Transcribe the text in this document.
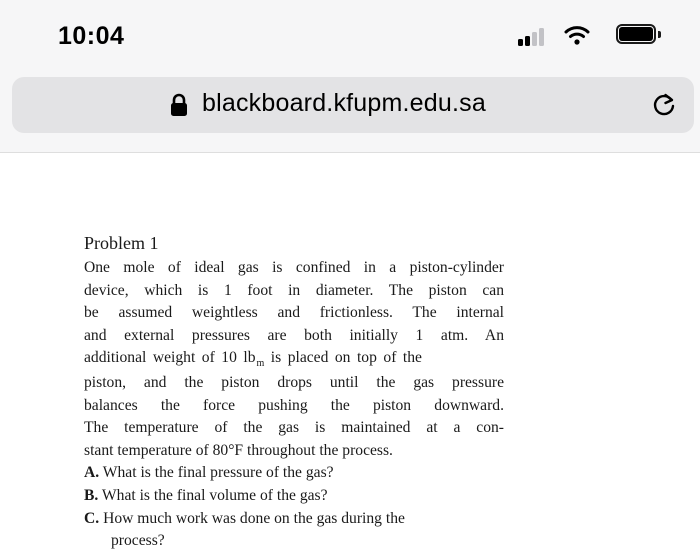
10:04
blackboard.kfupm.edu.sa
Problem 1
One mole of ideal gas is confined in a piston-cylinder
device, which is 1 foot in diameter. The piston can
be assumed weightless and frictionless. The internal
and external pressures are both initially 1 atm. An
additional weight of 10 $lb_m$ is placed on top of the
piston, and the piston drops until the gas pressure
balances the force pushing the piston downward.
The temperature of the gas is maintained at a con-
stant temperature of 80°F throughout the process.
A. What is the final pressure of the gas?
B. What is the final volume of the gas?
C. How much work was done on the gas during the
process?
